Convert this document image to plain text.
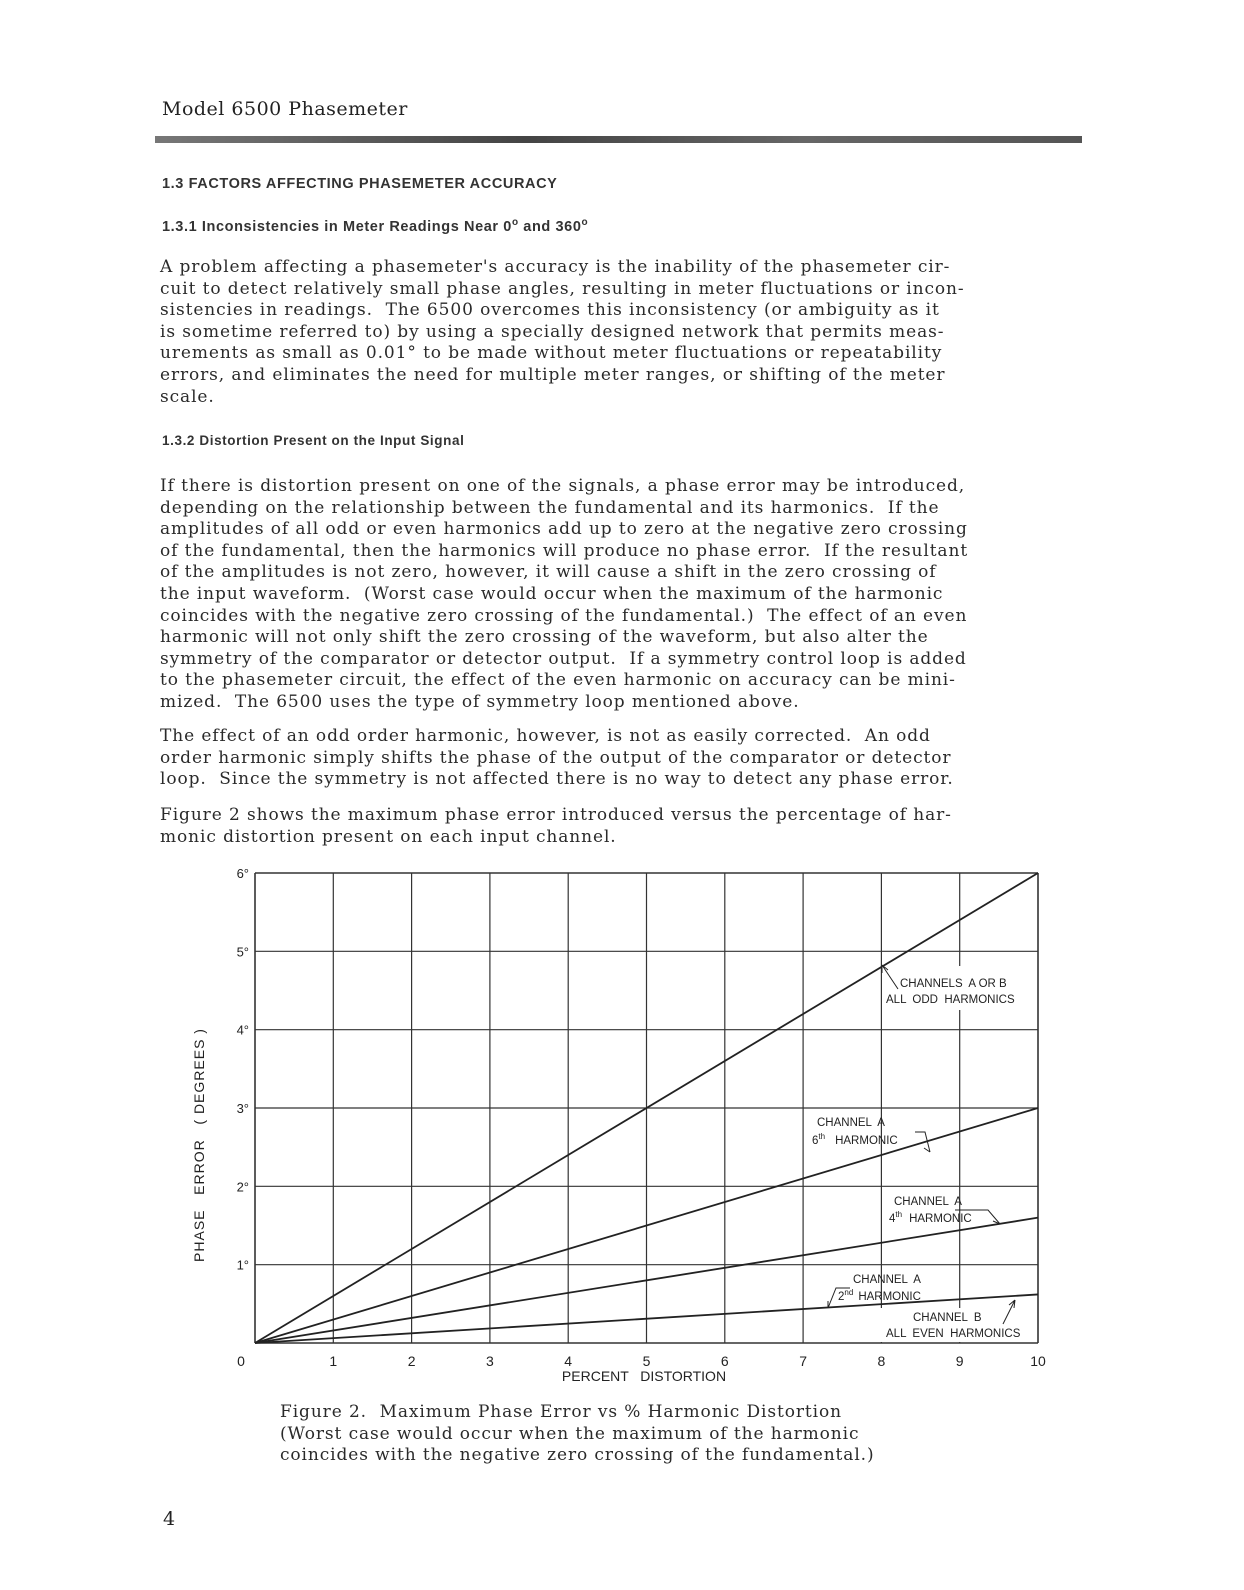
Model 6500 Phasemeter
1.3 FACTORS AFFECTING PHASEMETER ACCURACY
1.3.1 Inconsistencies in Meter Readings Near 0$^o$ and 360$^o$
A problem affecting a phasemeter's accuracy is the inability of the phasemeter cir-
cuit to detect relatively small phase angles, resulting in meter fluctuations or incon-
sistencies in readings.  The 6500 overcomes this inconsistency (or ambiguity as it
is sometime referred to) by using a specially designed network that permits meas-
urements as small as 0.01° to be made without meter fluctuations or repeatability
errors, and eliminates the need for multiple meter ranges, or shifting of the meter
scale.
1.3.2 Distortion Present on the Input Signal
If there is distortion present on one of the signals, a phase error may be introduced,
depending on the relationship between the fundamental and its harmonics.  If the
amplitudes of all odd or even harmonics add up to zero at the negative zero crossing
of the fundamental, then the harmonics will produce no phase error.  If the resultant
of the amplitudes is not zero, however, it will cause a shift in the zero crossing of
the input waveform.  (Worst case would occur when the maximum of the harmonic
coincides with the negative zero crossing of the fundamental.)  The effect of an even
harmonic will not only shift the zero crossing of the waveform, but also alter the
symmetry of the comparator or detector output.  If a symmetry control loop is added
to the phasemeter circuit, the effect of the even harmonic on accuracy can be mini-
mized.  The 6500 uses the type of symmetry loop mentioned above.
The effect of an odd order harmonic, however, is not as easily corrected.  An odd
order harmonic simply shifts the phase of the output of the comparator or detector
loop.  Since the symmetry is not affected there is no way to detect any phase error.
Figure 2 shows the maximum phase error introduced versus the percentage of har-
monic distortion present on each input channel.
0	1	2	3	4	5	6	7	8	9	10
1°
2°
3°
4°
5°
6°
PERCENT   DISTORTION
PHASE   ERROR   ( DEGREES )
CHANNELS  A OR B
ALL  ODD  HARMONICS
CHANNEL  A
6th HARMONIC
CHANNEL  A
4th HARMONIC
CHANNEL  A
2nd HARMONIC
CHANNEL  B
ALL  EVEN  HARMONICS
Figure 2.  Maximum Phase Error vs % Harmonic Distortion
(Worst case would occur when the maximum of the harmonic
coincides with the negative zero crossing of the fundamental.)
4
